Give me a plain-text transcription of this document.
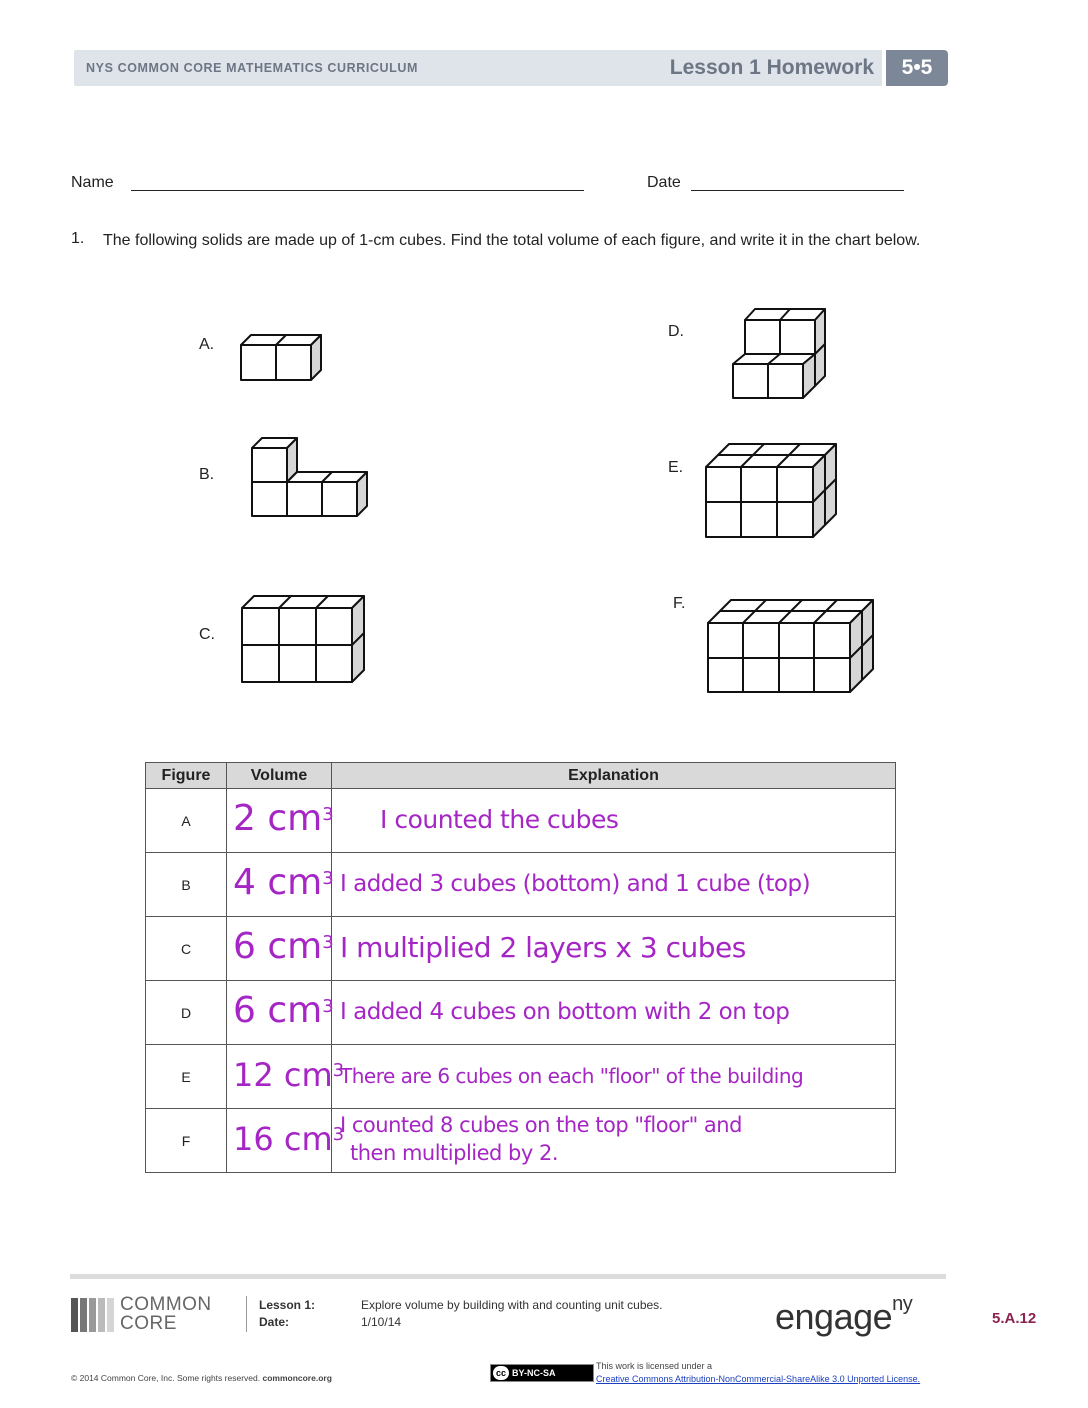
NYS COMMON CORE MATHEMATICS CURRICULUM	Lesson 1 Homework	5•5
Name	Date
1. The following solids are made up of 1-cm cubes. Find the total volume of each figure, and write it in the chart below.
A.
B.
C.
D.
E.
F.
Figure	Volume	Explanation
A	2 $cm^3$	I counted the cubes

B	4 $cm^3$	I added 3 cubes (bottom) and 1 cube (top)

C	6 $cm^3$	I multiplied 2 layers x 3 cubes

D	6 $cm^3$	I added 4 cubes on bottom with 2 on top

E	12 $cm^3$	There are 6 cubes on each "floor" of the building

F	16 $cm^3$	I counted 8 cubes on the top "floor" and
then multiplied by 2.
COMMON
CORE
Lesson 1:	Explore volume by building with and counting unit cubes.
Date:	1/10/14	engage$^{ny}$
5.A.12
© 2014 Common Core, Inc. Some rights reserved. commoncore.org	cc BY-NC-SA
This work is licensed under a
Creative Commons Attribution-NonCommercial-ShareAlike 3.0 Unported License.
